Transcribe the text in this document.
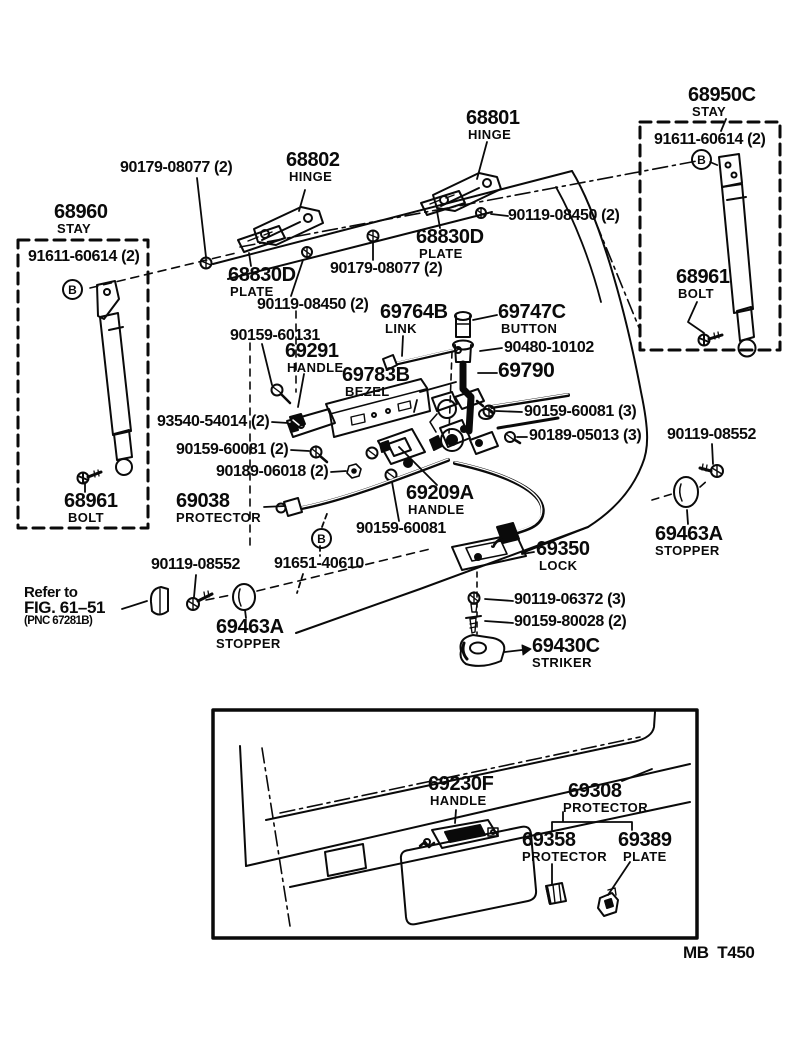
68960
STAY
91611-60614 (2)
B
68961
BOLT
90179-08077 (2)	68802
HINGE
68801
HINGE
68950C
STAY
91611-60614 (2)
B
68961
BOLT
90119-08450 (2)
68830D
PLATE
90179-08077 (2)
68830D
PLATE
90119-08450 (2)
90159-60131
69764B
LINK
69747C
BUTTON
90480-10102
69790
69291
HANDLE
69783B
BEZEL
90159-60081 (3)
90189-05013 (3)
93540-54014 (2)
90159-60081 (2)
90189-06018 (2)
69038
PROTECTOR
69209A
HANDLE
90159-60081
B
90119-08552 91651-40610
Refer to
FIG. 61–51
(PNC 67281B)	69463A
STOPPER
69350
LOCK
90119-06372 (3)
90159-80028 (2)
69430C
STRIKER
90119-08552
69463A
STOPPER
69230F
HANDLE	69308
PROTECTOR
69358
PROTECTOR
69389
PLATE
MB  T450
